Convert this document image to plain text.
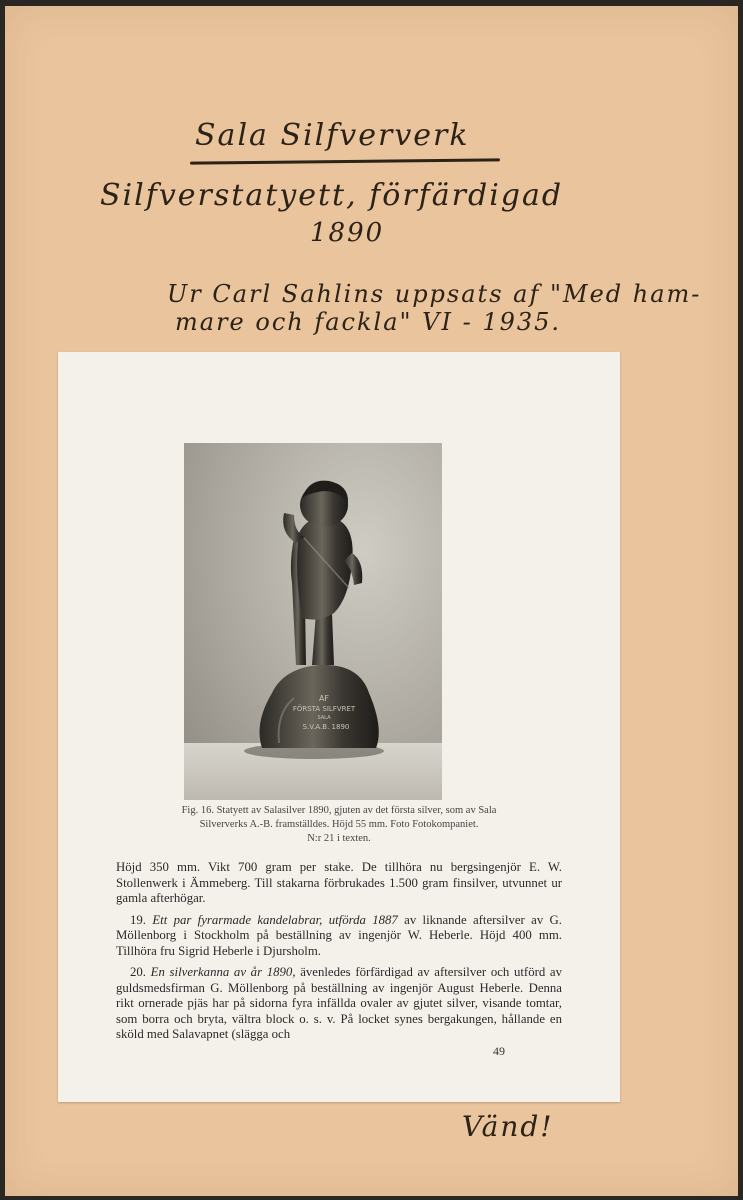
Sala Silfververk
Silfverstatyett, förfärdigad
1890
Ur Carl Sahlins uppsats af "Med ham-
mare och fackla" VI - 1935.
AF
FÖRSTA SILFVRET
SALA
S.V.A.B. 1890
Fig. 16. Statyett av Salasilver 1890, gjuten av det första silver, som av Sala
Silververks A.-B. framställdes. Höjd 55 mm. Foto Fotokompaniet.
N:r 21 i texten.

Höjd 350 mm. Vikt 700 gram per stake. De tillhöra nu bergsingenjör E. W. Stollenwerk i Ämmeberg. Till stakarna förbrukades 1.500 gram finsilver, utvunnet ur gamla afterhögar.

19. Ett par fyrarmade kandelabrar, utförda 1887 av liknande aftersilver av G. Möllenborg i Stockholm på beställning av ingenjör W. Heberle. Höjd 400 mm. Tillhöra fru Sigrid Heberle i Djursholm.

20. En silverkanna av år 1890, ävenledes förfärdigad av aftersilver och utförd av guldsmedsfirman G. Möllenborg på beställning av ingenjör August Heberle. Denna rikt ornerade pjäs har på sidorna fyra infällda ovaler av gjutet silver, visande tomtar, som borra och bryta, vältra block o. s. v. På locket synes bergakungen, hållande en sköld med Salavapnet (slägga och

49
Vänd!
